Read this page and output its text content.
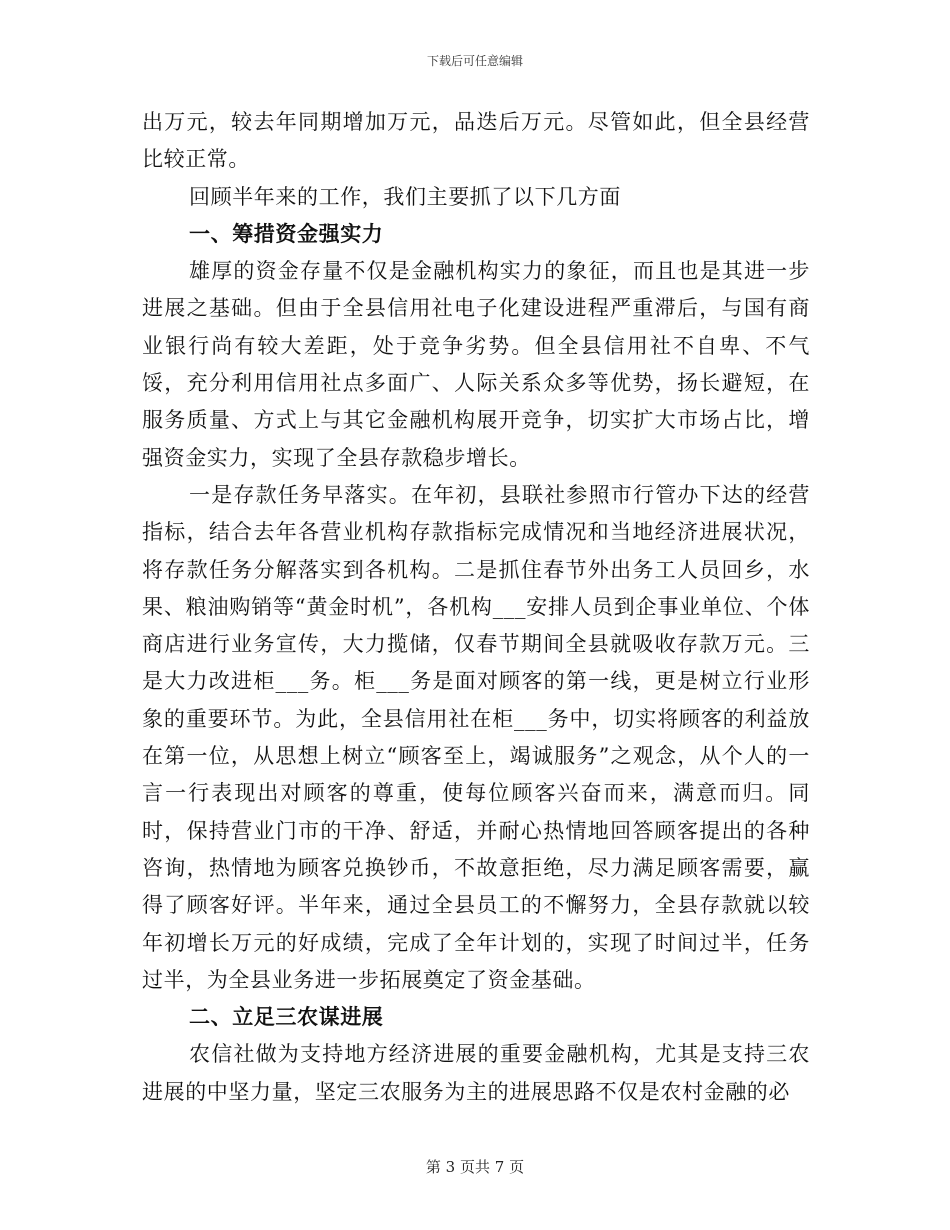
下载后可任意编辑

出万元，较去年同期增加万元，品迭后万元。尽管如此，但全县经营比较正常。

回顾半年来的工作，我们主要抓了以下几方面

一、筹措资金强实力

雄厚的资金存量不仅是金融机构实力的象征，而且也是其进一步进展之基础。但由于全县信用社电子化建设进程严重滞后，与国有商业银行尚有较大差距，处于竞争劣势。但全县信用社不自卑、不气馁，充分利用信用社点多面广、人际关系众多等优势，扬长避短，在服务质量、方式上与其它金融机构展开竞争，切实扩大市场占比，增强资金实力，实现了全县存款稳步增长。

一是存款任务早落实。在年初，县联社参照市行管办下达的经营指标，结合去年各营业机构存款指标完成情况和当地经济进展状况，将存款任务分解落实到各机构。二是抓住春节外出务工人员回乡，水果、粮油购销等“黄金时机”，各机构___安排人员到企事业单位、个体商店进行业务宣传，大力揽储，仅春节期间全县就吸收存款万元。三是大力改进柜___务。柜___务是面对顾客的第一线，更是树立行业形象的重要环节。为此，全县信用社在柜___务中，切实将顾客的利益放在第一位，从思想上树立“顾客至上，竭诚服务”之观念，从个人的一言一行表现出对顾客的尊重，使每位顾客兴奋而来，满意而归。同时，保持营业门市的干净、舒适，并耐心热情地回答顾客提出的各种咨询，热情地为顾客兑换钞币，不故意拒绝，尽力满足顾客需要，赢得了顾客好评。半年来，通过全县员工的不懈努力，全县存款就以较年初增长万元的好成绩，完成了全年计划的，实现了时间过半，任务过半，为全县业务进一步拓展奠定了资金基础。

二、立足三农谋进展

农信社做为支持地方经济进展的重要金融机构，尤其是支持三农进展的中坚力量，坚定三农服务为主的进展思路不仅是农村金融的必

第 3 页共 7 页
